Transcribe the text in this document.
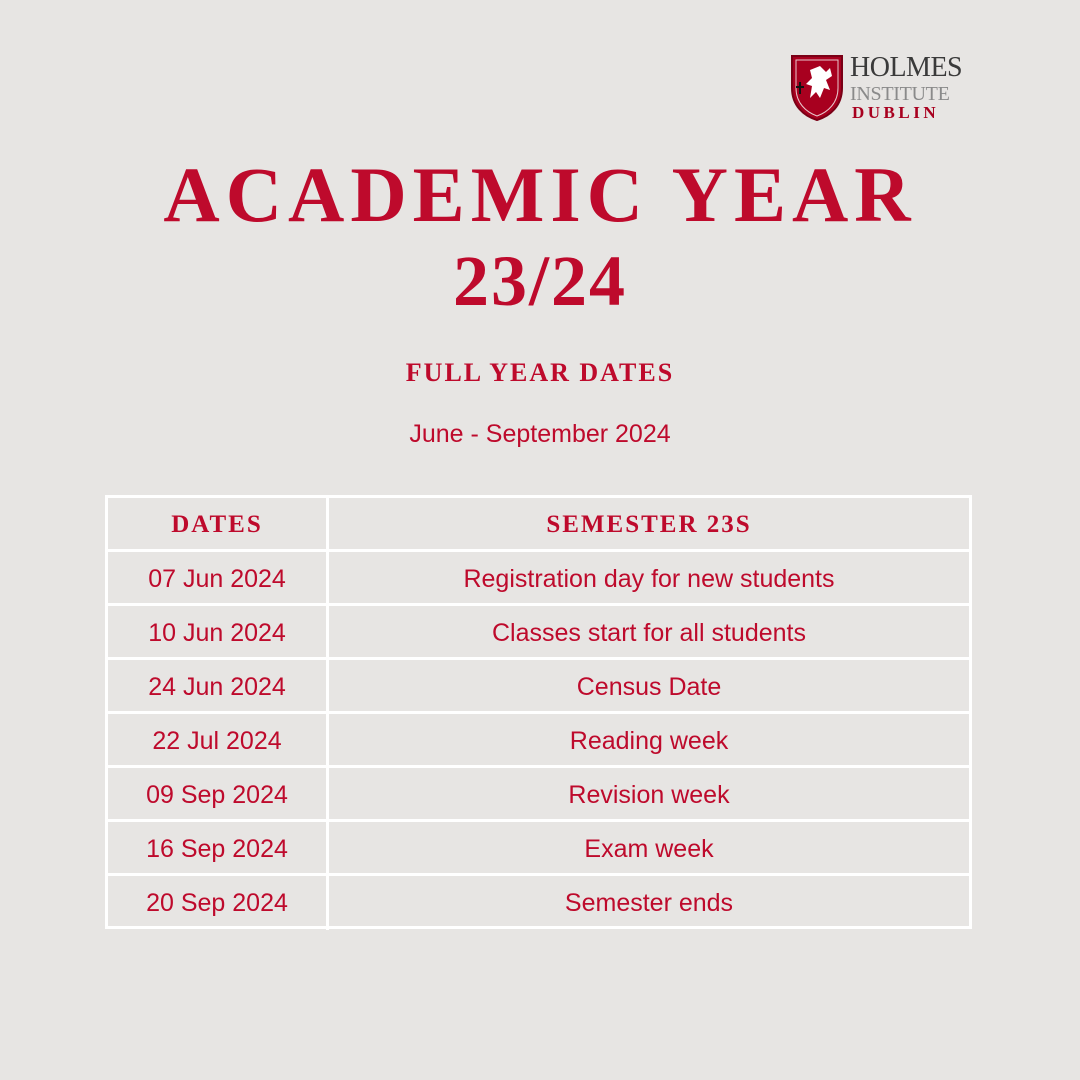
HOLMES
INSTITUTE
DUBLIN
ACADEMIC YEAR
23/24
FULL YEAR DATES
June - September 2024
DATES	SEMESTER 23S
07 Jun 2024	Registration day for new students
10 Jun 2024	Classes start for all students
24 Jun 2024	Census Date
22 Jul 2024	Reading week
09 Sep 2024	Revision week
16 Sep 2024	Exam week
20 Sep 2024	Semester ends
